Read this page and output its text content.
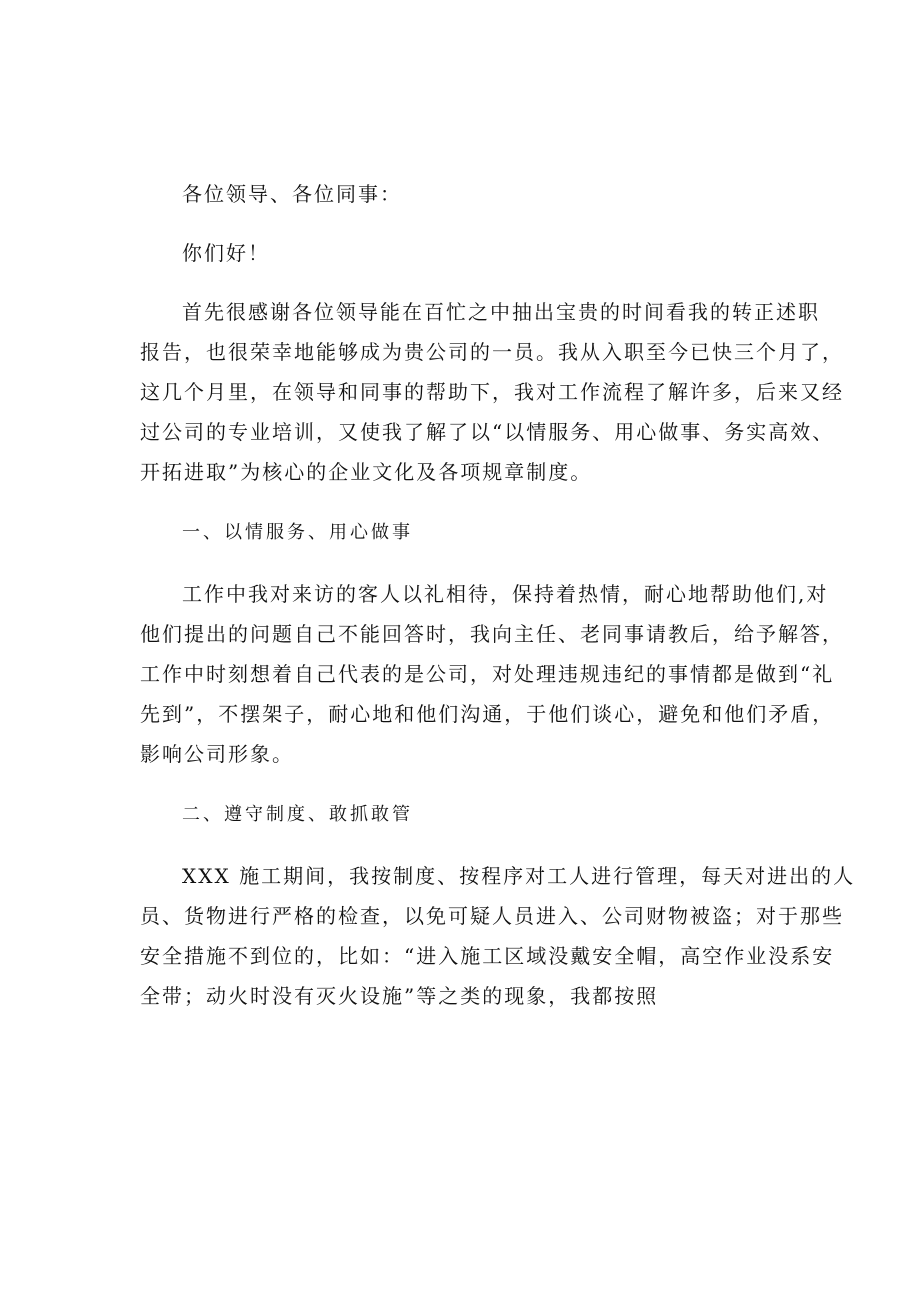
各位领导、各位同事：
你们好！
首先很感谢各位领导能在百忙之中抽出宝贵的时间看我的转正述职
报告，也很荣幸地能够成为贵公司的一员。我从入职至今已快三个月了，
这几个月里，在领导和同事的帮助下，我对工作流程了解许多，后来又经
过公司的专业培训，又使我了解了以“以情服务、用心做事、务实高效、
开拓进取”为核心的企业文化及各项规章制度。
一、以情服务、用心做事
工作中我对来访的客人以礼相待，保持着热情，耐心地帮助他们,对
他们提出的问题自己不能回答时，我向主任、老同事请教后，给予解答，
工作中时刻想着自己代表的是公司，对处理违规违纪的事情都是做到“礼
先到”，不摆架子，耐心地和他们沟通，于他们谈心，避免和他们矛盾，
影响公司形象。
二、遵守制度、敢抓敢管
XXX 施工期间，我按制度、按程序对工人进行管理，每天对进出的人
员、货物进行严格的检查，以免可疑人员进入、公司财物被盗；对于那些
安全措施不到位的，比如：“进入施工区域没戴安全帽，高空作业没系安
全带；动火时没有灭火设施”等之类的现象，我都按照
